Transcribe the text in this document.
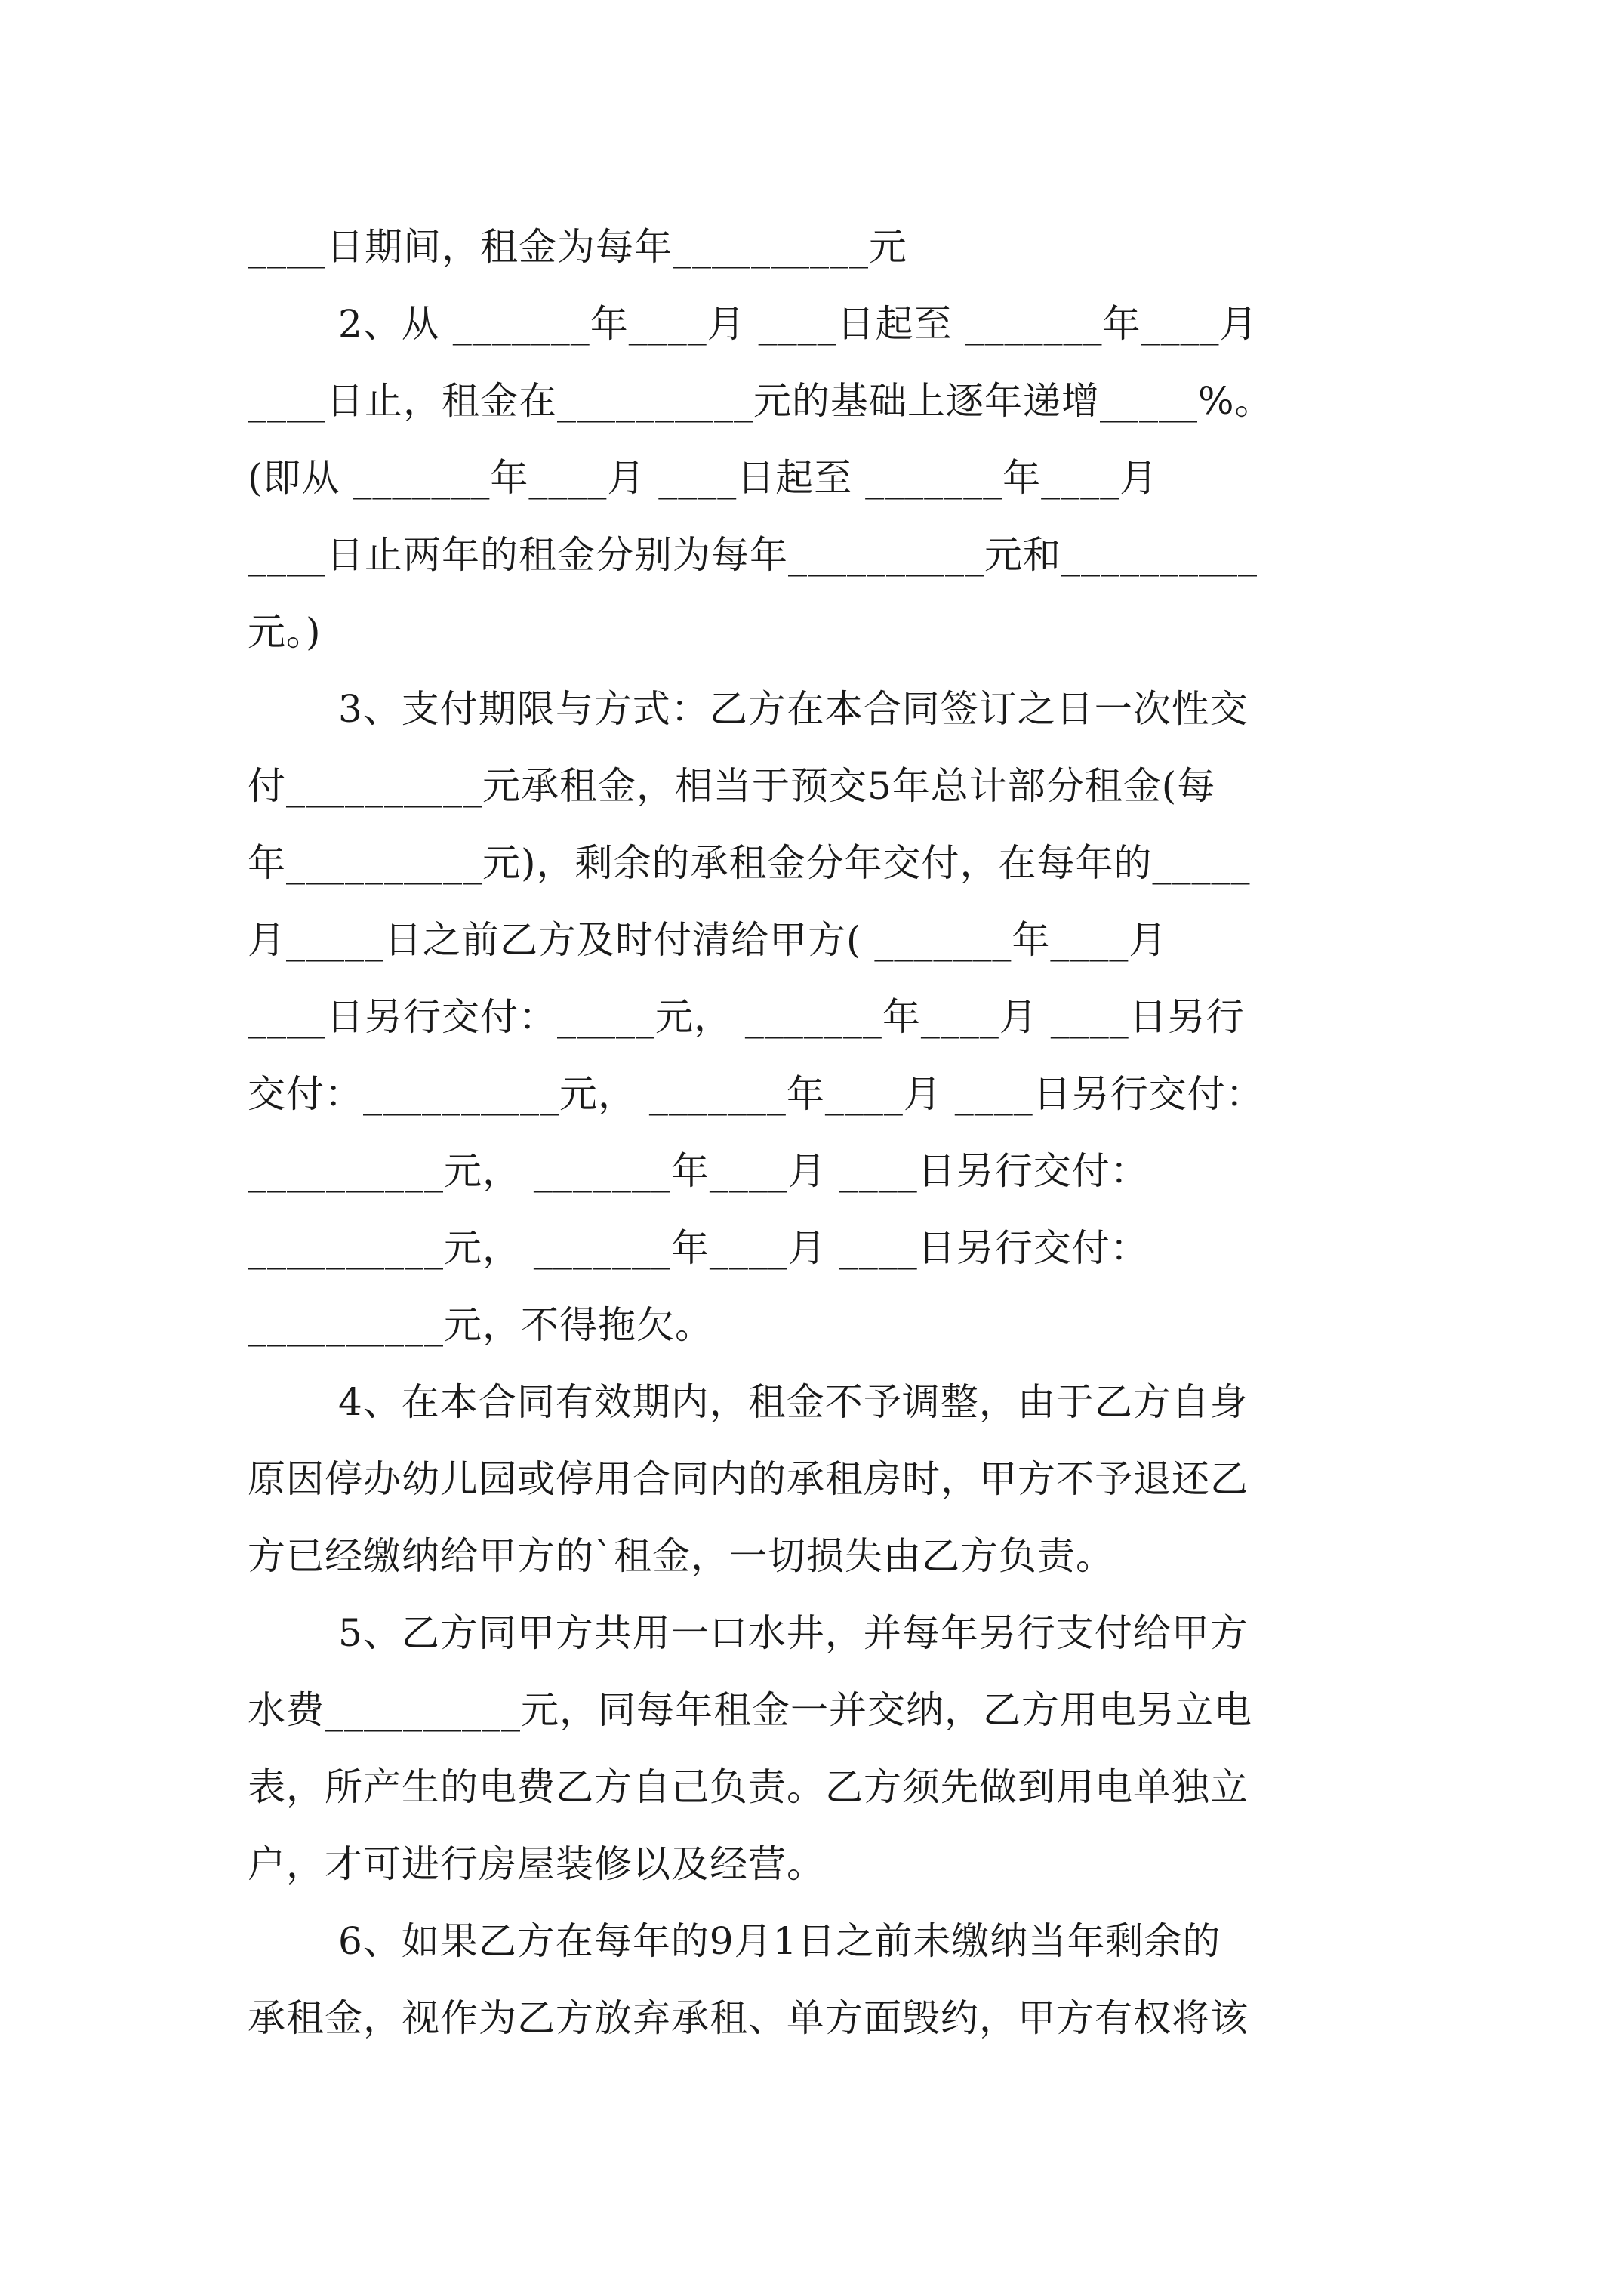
____日期间，租金为每年__________元
2、从 _______年____月 ____日起至 _______年____月
____日止，租金在__________元的基础上逐年递增_____%。
(即从 _______年____月 ____日起至 _______年____月
____日止两年的租金分别为每年__________元和__________
元。)
3、支付期限与方式：乙方在本合同签订之日一次性交
付__________元承租金，相当于预交5年总计部分租金(每
年__________元)，剩余的承租金分年交付，在每年的_____
月_____日之前乙方及时付清给甲方( _______年____月
____日另行交付：_____元， _______年____月 ____日另行
交付：__________元， _______年____月 ____日另行交付：
__________元， _______年____月 ____日另行交付：
__________元， _______年____月 ____日另行交付：
__________元，不得拖欠。
4、在本合同有效期内，租金不予调整，由于乙方自身
原因停办幼儿园或停用合同内的承租房时，甲方不予退还乙
方已经缴纳给甲方的`租金，一切损失由乙方负责。
5、乙方同甲方共用一口水井，并每年另行支付给甲方
水费__________元，同每年租金一并交纳，乙方用电另立电
表，所产生的电费乙方自己负责。乙方须先做到用电单独立
户，才可进行房屋装修以及经营。
6、如果乙方在每年的9月1日之前未缴纳当年剩余的
承租金，视作为乙方放弃承租、单方面毁约，甲方有权将该
